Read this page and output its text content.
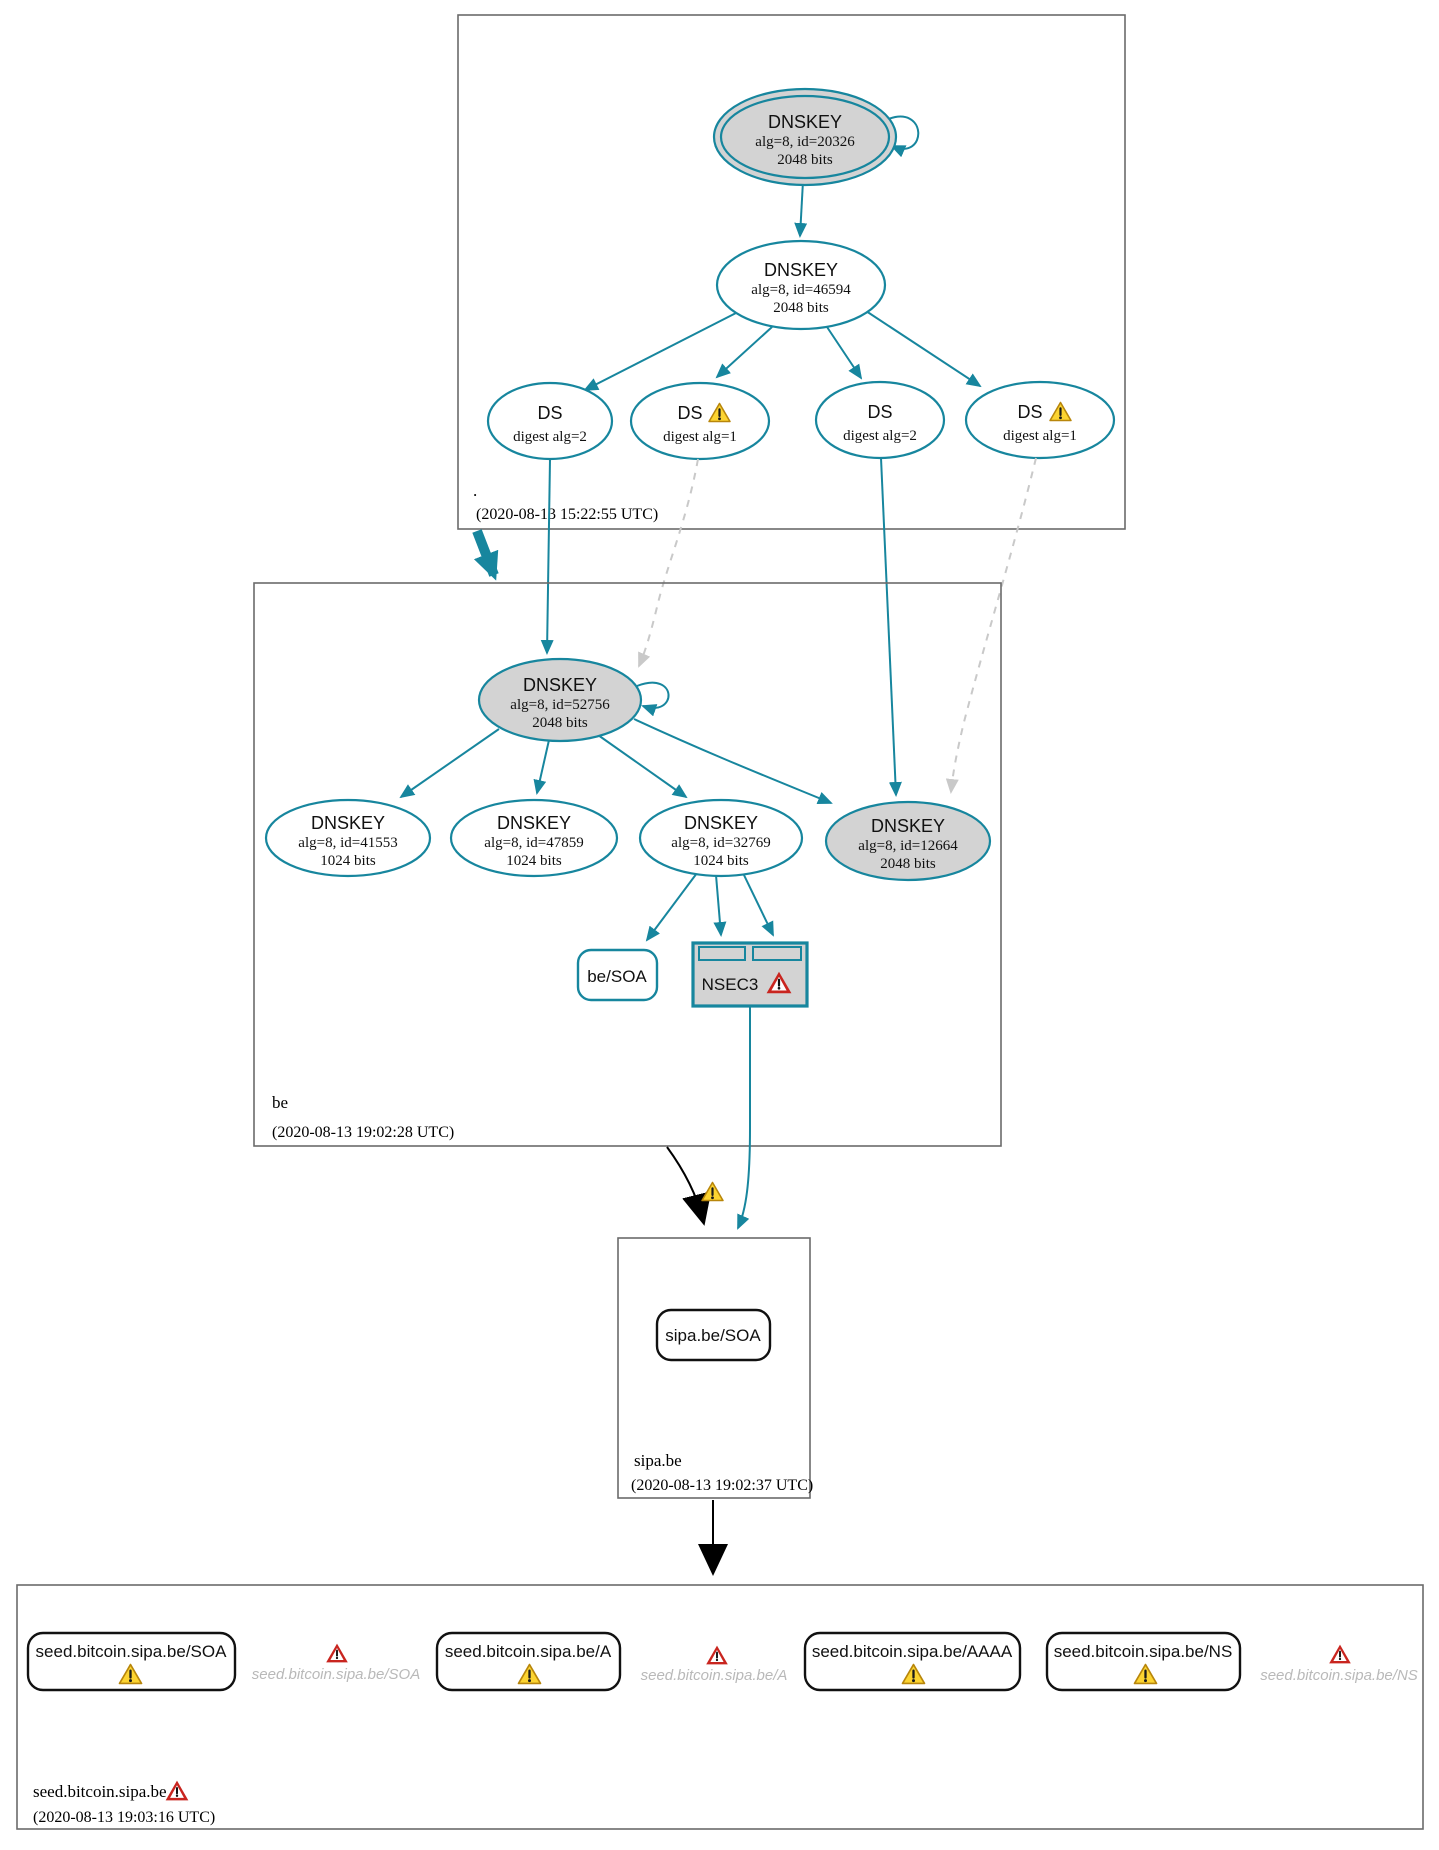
.
(2020-08-13 15:22:55 UTC)
DNSKEY
alg=8, id=20326
2048 bits
DNSKEY
alg=8, id=46594
2048 bits
DS
digest alg=2
DS
digest alg=1
DS
digest alg=2
DS
digest alg=1
be
(2020-08-13 19:02:28 UTC)
DNSKEY
alg=8, id=52756
2048 bits
DNSKEY
alg=8, id=41553
1024 bits
DNSKEY
alg=8, id=47859
1024 bits
DNSKEY
alg=8, id=32769
1024 bits
DNSKEY
alg=8, id=12664
2048 bits
be/SOA	NSEC3
sipa.be
(2020-08-13 19:02:37 UTC)
sipa.be/SOA
seed.bitcoin.sipa.be
(2020-08-13 19:03:16 UTC)
seed.bitcoin.sipa.be/SOA
seed.bitcoin.sipa.be/SOA
seed.bitcoin.sipa.be/A
seed.bitcoin.sipa.be/A
seed.bitcoin.sipa.be/AAAA seed.bitcoin.sipa.be/NS
seed.bitcoin.sipa.be/NS
